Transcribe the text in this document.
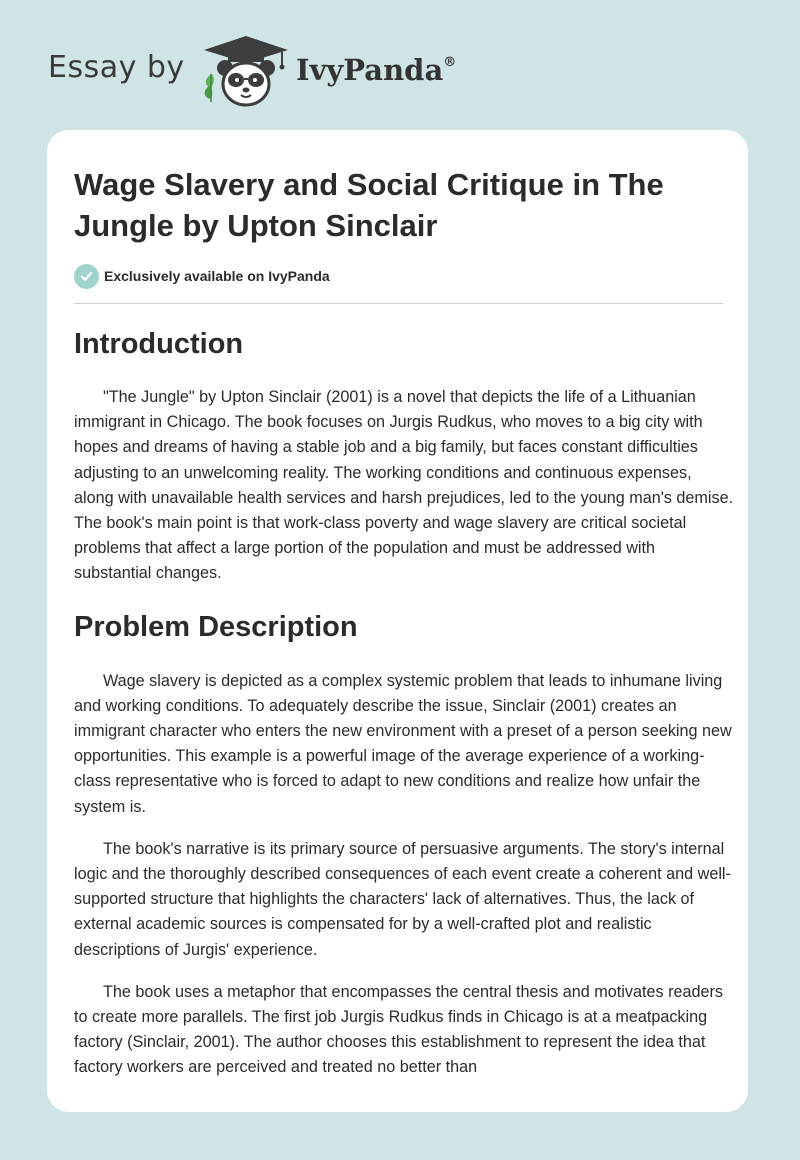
Essay by	IvyPanda®
Wage Slavery and Social Critique in The Jungle by Upton Sinclair
Exclusively available on IvyPanda
Introduction

"The Jungle" by Upton Sinclair (2001) is a novel that depicts the life of a Lithuanian immigrant in Chicago. The book focuses on Jurgis Rudkus, who moves to a big city with hopes and dreams of having a stable job and a big family, but faces constant difficulties adjusting to an unwelcoming reality. The working conditions and continuous expenses, along with unavailable health services and harsh prejudices, led to the young man's demise. The book's main point is that work-class poverty and wage slavery are critical societal problems that affect a large portion of the population and must be addressed with substantial changes.

Problem Description

Wage slavery is depicted as a complex systemic problem that leads to inhumane living and working conditions. To adequately describe the issue, Sinclair (2001) creates an immigrant character who enters the new environment with a preset of a person seeking new opportunities. This example is a powerful image of the average experience of a working-class representative who is forced to adapt to new conditions and realize how unfair the system is.

The book's narrative is its primary source of persuasive arguments. The story's internal logic and the thoroughly described consequences of each event create a coherent and well-supported structure that highlights the characters' lack of alternatives. Thus, the lack of external academic sources is compensated for by a well-crafted plot and realistic descriptions of Jurgis' experience.

The book uses a metaphor that encompasses the central thesis and motivates readers to create more parallels. The first job Jurgis Rudkus finds in Chicago is at a meatpacking factory (Sinclair, 2001). The author chooses this establishment to represent the idea that factory workers are perceived and treated no better than
